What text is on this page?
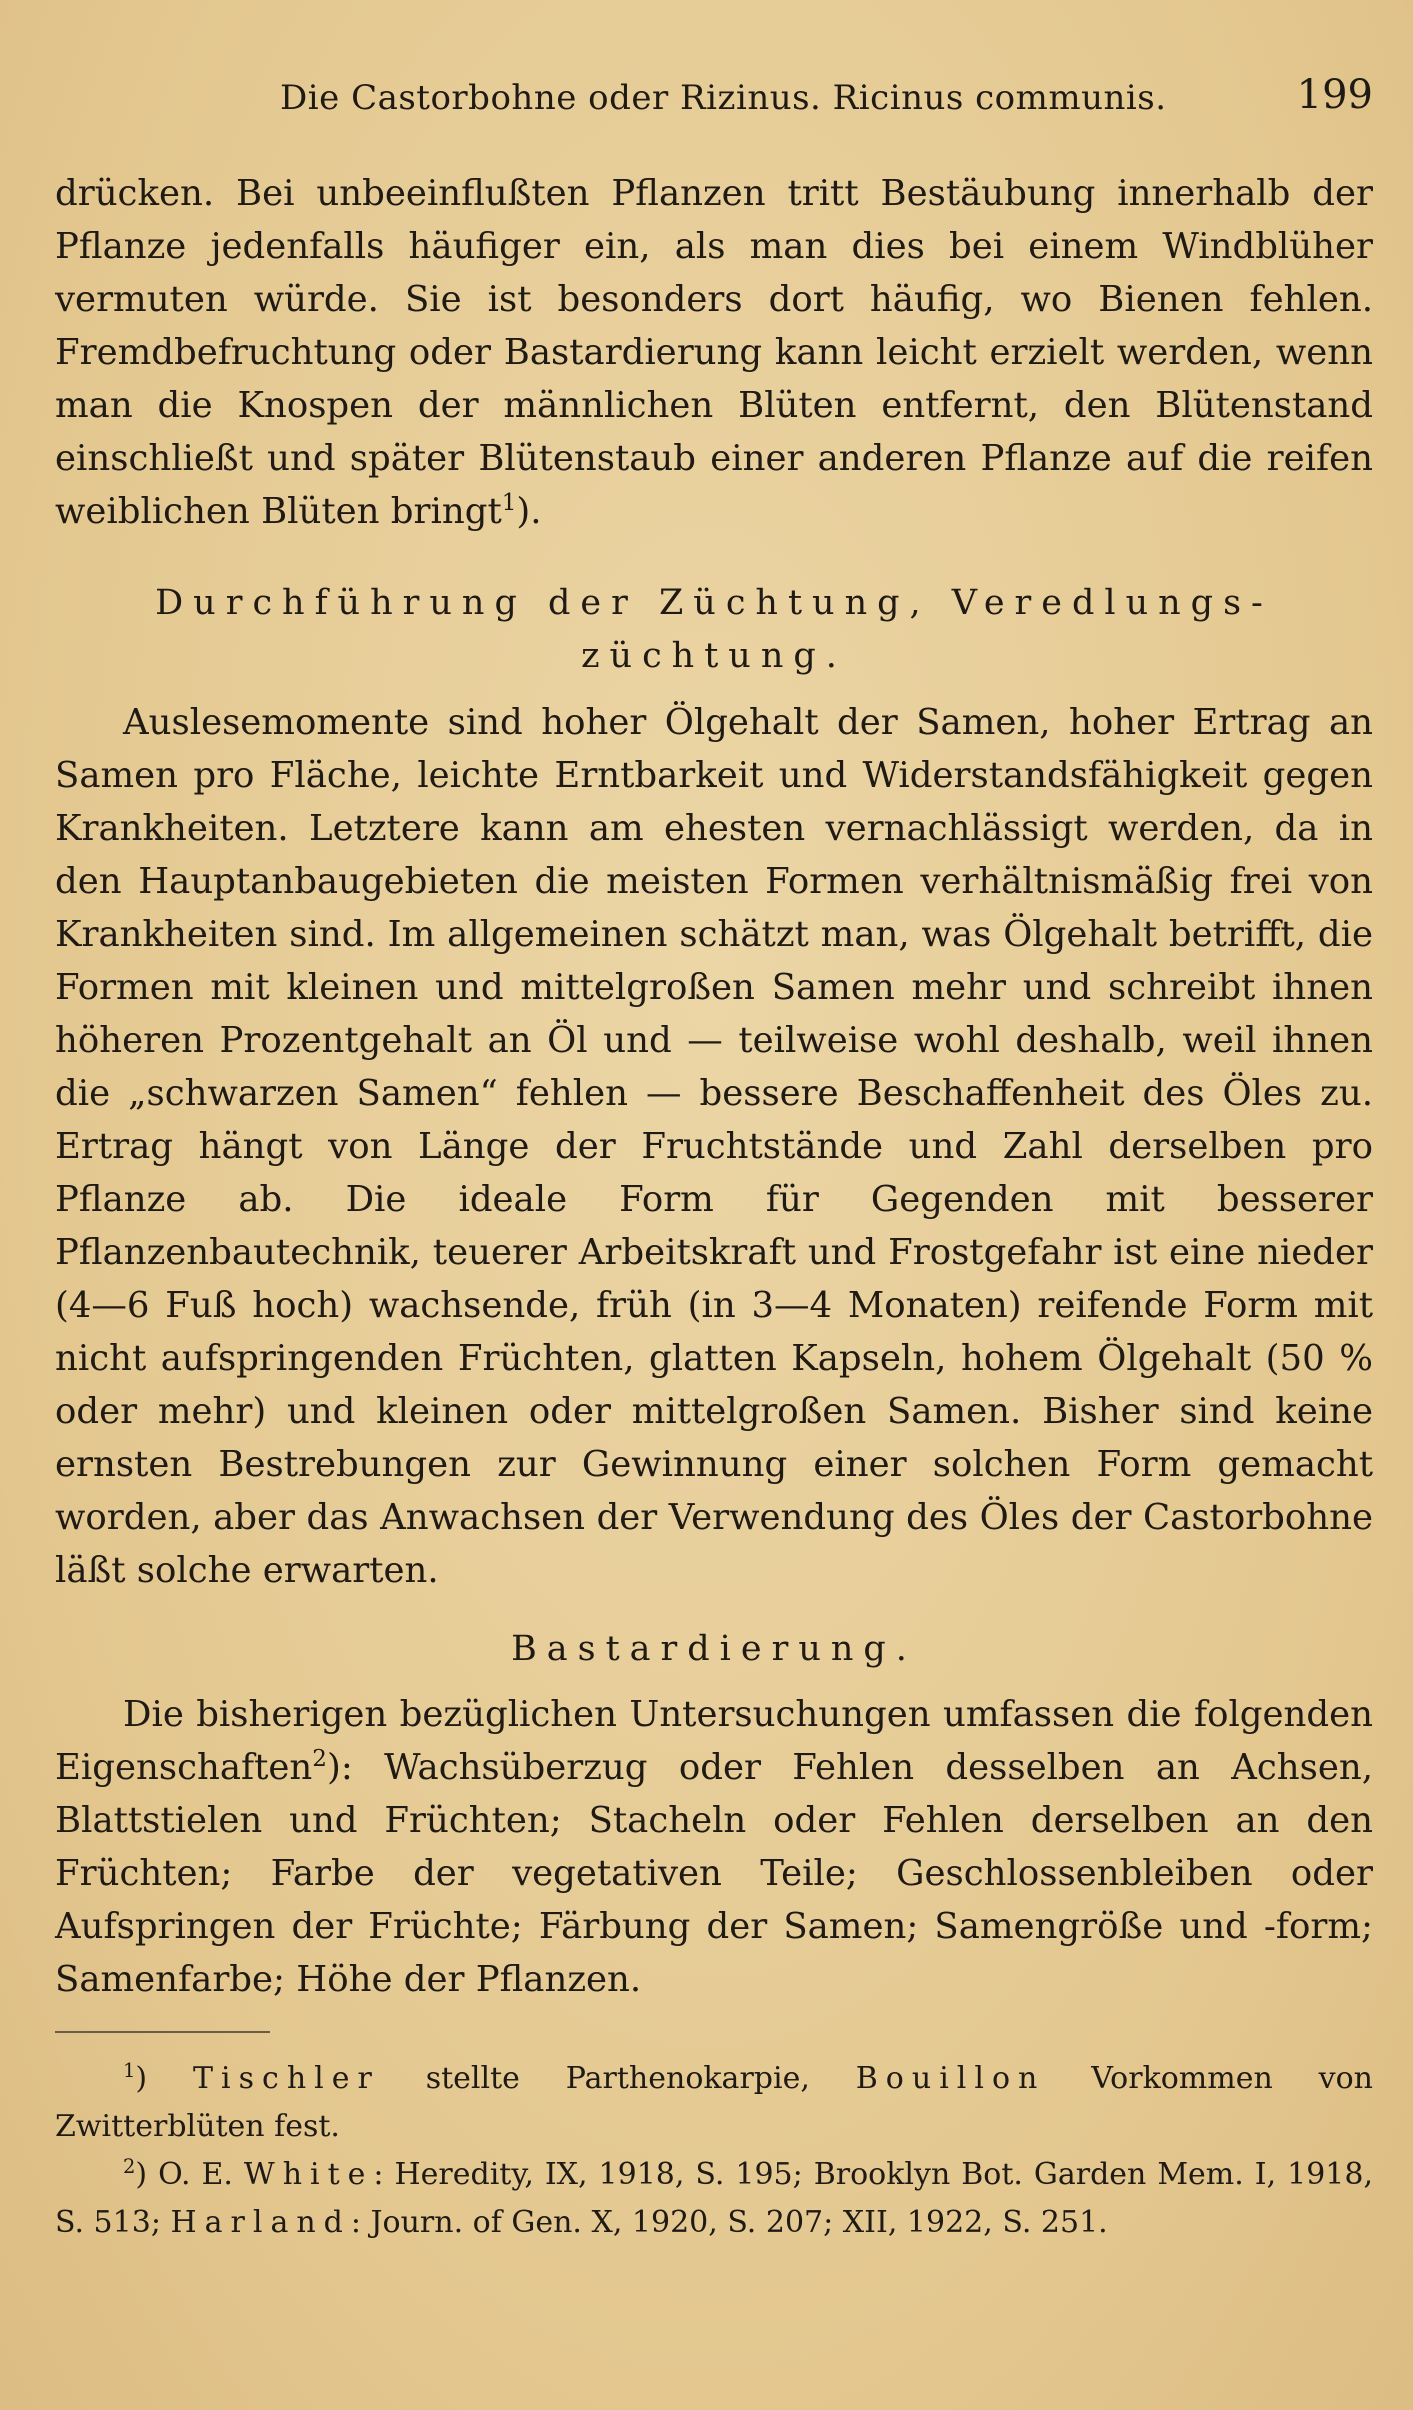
Die Castorbohne oder Rizinus. Ricinus communis.	199

drücken. Bei unbeeinflußten Pflanzen tritt Bestäubung innerhalb der Pflanze jedenfalls häufiger ein, als man dies bei einem Windblüher vermuten würde. Sie ist besonders dort häufig, wo Bienen fehlen. Fremdbefruchtung oder Bastardierung kann leicht erzielt werden, wenn man die Knospen der männlichen Blüten entfernt, den Blütenstand einschließt und später Blütenstaub einer anderen Pflanze auf die reifen weiblichen Blüten bringt$^1$).

Durchführung der Züchtung, Veredlungs-
züchtung.

Auslesemomente sind hoher Ölgehalt der Samen, hoher Ertrag an Samen pro Fläche, leichte Erntbarkeit und Widerstandsfähigkeit gegen Krankheiten. Letztere kann am ehesten vernachlässigt werden, da in den Hauptanbaugebieten die meisten Formen verhältnismäßig frei von Krankheiten sind. Im allgemeinen schätzt man, was Ölgehalt betrifft, die Formen mit kleinen und mittelgroßen Samen mehr und schreibt ihnen höheren Prozentgehalt an Öl und — teilweise wohl deshalb, weil ihnen die „schwarzen Samen“ fehlen — bessere Beschaffenheit des Öles zu. Ertrag hängt von Länge der Fruchtstände und Zahl derselben pro Pflanze ab. Die ideale Form für Gegenden mit besserer Pflanzenbautechnik, teuerer Arbeitskraft und Frostgefahr ist eine nieder (4—6 Fuß hoch) wachsende, früh (in 3—4 Monaten) reifende Form mit nicht aufspringenden Früchten, glatten Kapseln, hohem Ölgehalt (50 % oder mehr) und kleinen oder mittelgroßen Samen. Bisher sind keine ernsten Bestrebungen zur Gewinnung einer solchen Form gemacht worden, aber das Anwachsen der Verwendung des Öles der Castorbohne läßt solche erwarten.

Bastardierung.

Die bisherigen bezüglichen Untersuchungen umfassen die folgenden Eigenschaften$^2$): Wachsüberzug oder Fehlen desselben an Achsen, Blattstielen und Früchten; Stacheln oder Fehlen derselben an den Früchten; Farbe der vegetativen Teile; Geschlossenbleiben oder Aufspringen der Früchte; Färbung der Samen; Samengröße und -form; Samenfarbe; Höhe der Pflanzen.

$^1$) Tischler stellte Parthenokarpie, Bouillon Vorkommen von Zwitterblüten fest.

$^2$) O. E. White: Heredity, IX, 1918, S. 195; Brooklyn Bot. Garden Mem. I, 1918, S. 513; Harland: Journ. of Gen. X, 1920, S. 207; XII, 1922, S. 251.
